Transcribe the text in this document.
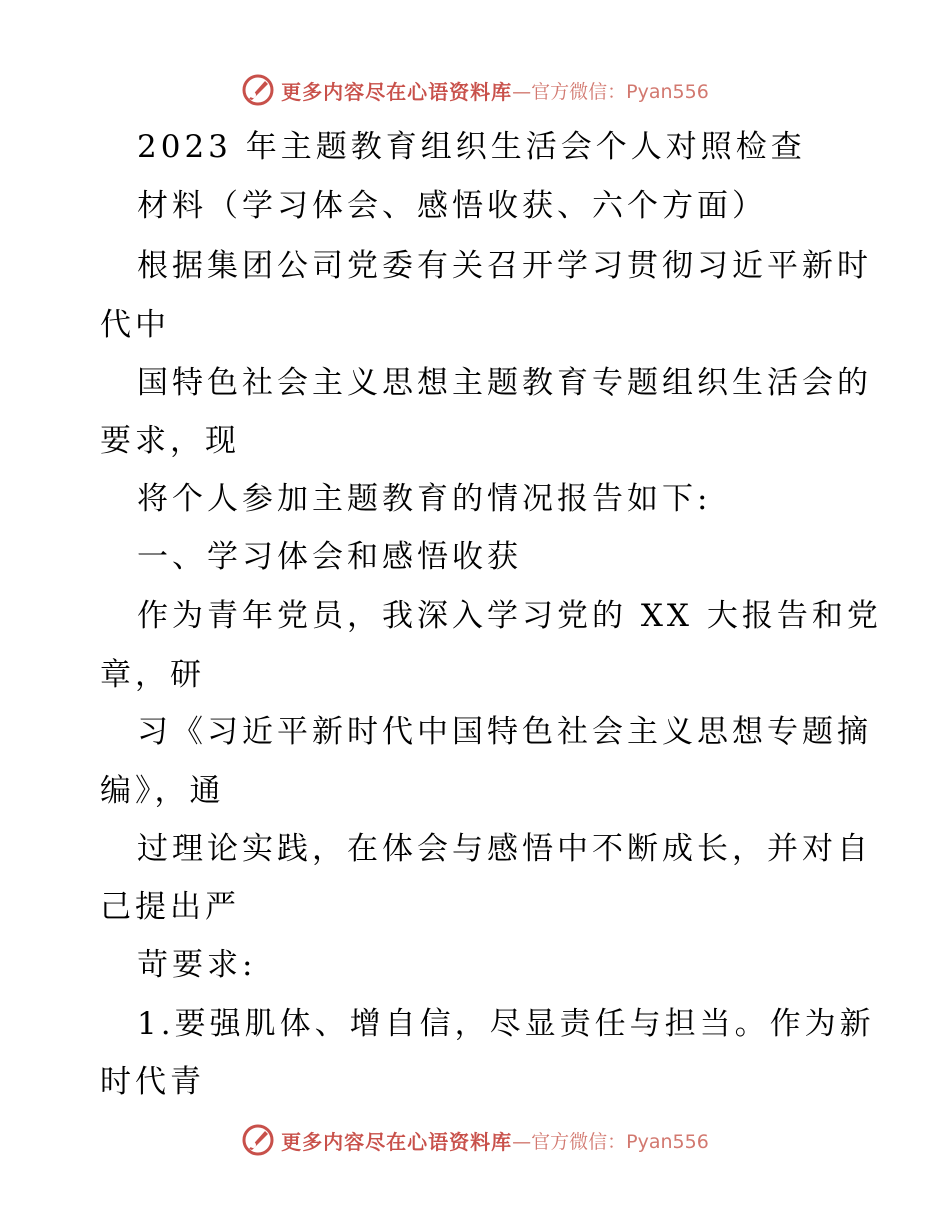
更多内容尽在心语资料库 —官方微信：Pyan556
2023 年主题教育组织生活会个人对照检查
材料（学习体会、感悟收获、六个方面）
根据集团公司党委有关召开学习贯彻习近平新时
代中
国特色社会主义思想主题教育专题组织生活会的
要求，现
将个人参加主题教育的情况报告如下:
一、学习体会和感悟收获
作为青年党员，我深入学习党的 XX 大报告和党
章，研
习《习近平新时代中国特色社会主义思想专题摘
编》，通
过理论实践，在体会与感悟中不断成长，并对自
己提出严
苛要求:
1.要强肌体、增自信，尽显责任与担当。作为新
时代青
更多内容尽在心语资料库 —官方微信：Pyan556
